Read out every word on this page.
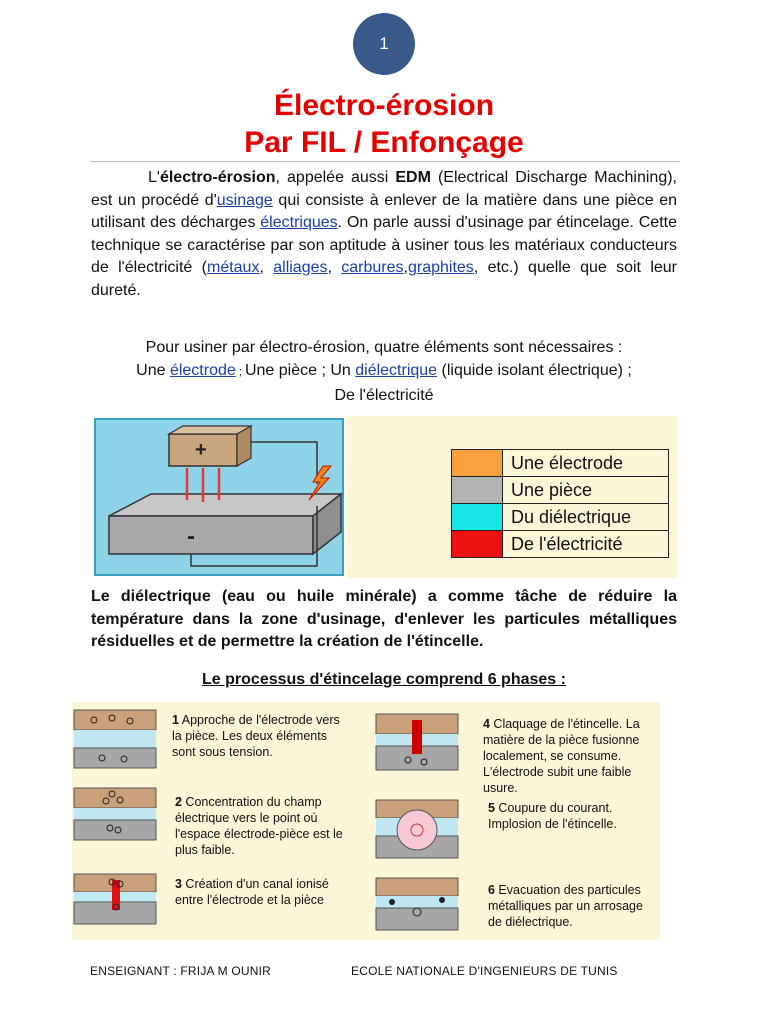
1
Électro-érosion
Par FIL / Enfonçage
L'électro-érosion, appelée aussi EDM (Electrical Discharge Machining), est un procédé d'usinage qui consiste à enlever de la matière dans une pièce en utilisant des décharges électriques. On parle aussi d'usinage par étincelage. Cette technique se caractérise par son aptitude à usiner tous les matériaux conducteurs de l'électricité (métaux, alliages, carbures,graphites, etc.) quelle que soit leur dureté.
Pour usiner par électro-érosion, quatre éléments sont nécessaires :
Une électrode ; Une pièce ; Un diélectrique (liquide isolant électrique) ;
De l'électricité
+
-
	Une électrode
	Une pièce
	Du diélectrique
	De l'électricité
Le diélectrique (eau ou huile minérale) a comme tâche de réduire la température dans la zone d'usinage, d'enlever les particules métalliques résiduelles et de permettre la création de l'étincelle.
Le processus d'étincelage comprend 6 phases :
1 Approche de l'électrode vers la pièce. Les deux éléments sont sous tension.
2 Concentration du champ électrique vers le point où l'espace électrode-pièce est le plus faible.
3 Création d'un canal ionisé entre l'électrode et la pièce
4 Claquage de l'étincelle. La matière de la pièce fusionne localement, se consume. L'électrode subit une faible usure.
5 Coupure du courant. Implosion de l'étincelle.
6 Evacuation des particules métalliques par un arrosage de diélectrique.
ENSEIGNANT : FRIJA M OUNIR	ECOLE NATIONALE D'INGENIEURS DE TUNIS
